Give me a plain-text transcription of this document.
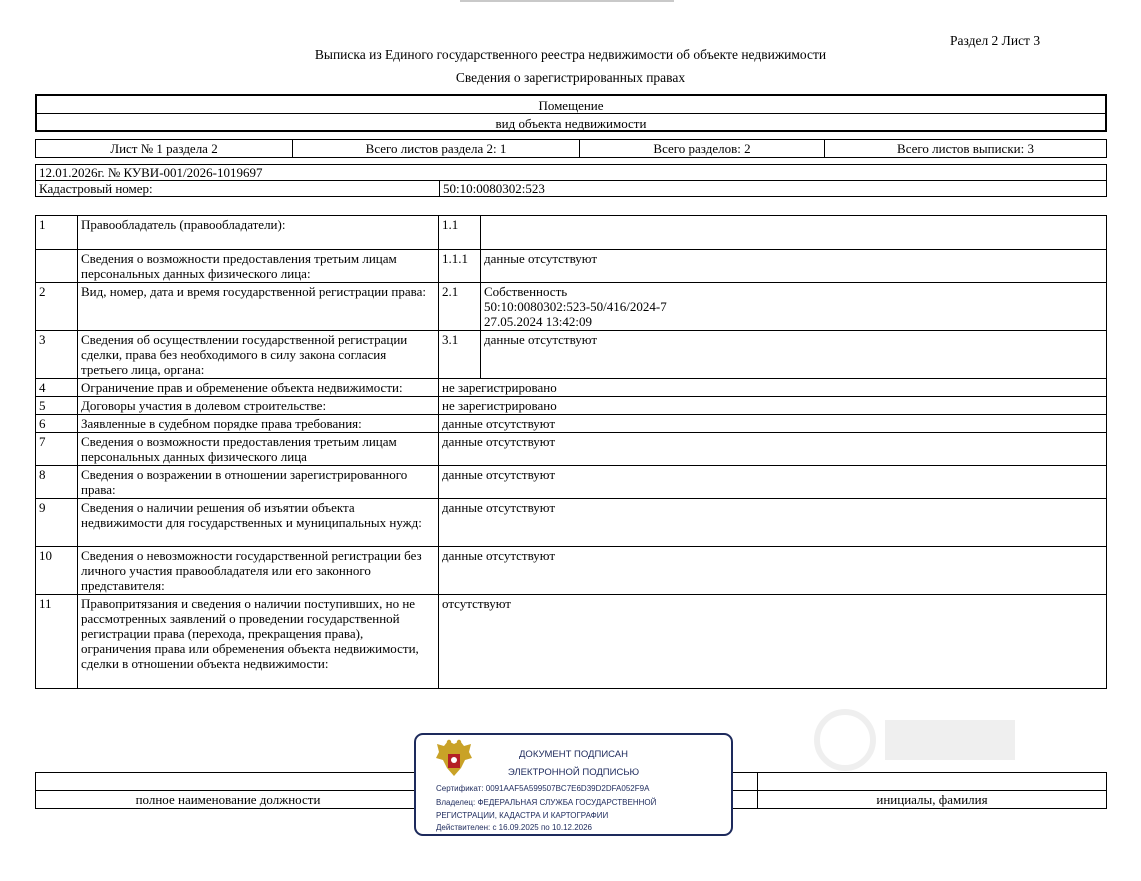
Раздел 2 Лист 3
Выписка из Единого государственного реестра недвижимости об объекте недвижимости
Сведения о зарегистрированных правах
Помещение
вид объекта недвижимости
Лист № 1 раздела 2	Всего листов раздела 2: 1	Всего разделов: 2	Всего листов выписки: 3
12.01.2026г. № КУВИ-001/2026-1019697
Кадастровый номер:	50:10:0080302:523
1	Правообладатель (правообладатели):	1.1	
	Сведения о возможности предоставления третьим лицам персональных данных физического лица:	1.1.1	данные отсутствуют
2	Вид, номер, дата и время государственной регистрации права:	2.1	Собственность
50:10:0080302:523-50/416/2024-7
27.05.2024 13:42:09

3	Сведения об осуществлении государственной регистрации сделки, права без необходимого в силу закона согласия третьего лица, органа:	3.1	данные отсутствуют
4	Ограничение прав и обременение объекта недвижимости:	не зарегистрировано	
5	Договоры участия в долевом строительстве:	не зарегистрировано	
6	Заявленные в судебном порядке права требования:	данные отсутствуют	
7	Сведения о возможности предоставления третьим лицам персональных данных физического лица	данные отсутствуют	
8	Сведения о возражении в отношении зарегистрированного права:	данные отсутствуют	
9	Сведения о наличии решения об изъятии объекта недвижимости для государственных и муниципальных нужд:	данные отсутствуют	
10	Сведения о невозможности государственной регистрации без личного участия правообладателя или его законного представителя:	данные отсутствуют	
11	Правопритязания и сведения о наличии поступивших, но не рассмотренных заявлений о проведении государственной регистрации права (перехода, прекращения права), ограничения права или обременения объекта недвижимости, сделки в отношении объекта недвижимости:	отсутствуют	

полное наименование должности		инициалы, фамилия
ДОКУМЕНТ ПОДПИСАН
ЭЛЕКТРОННОЙ ПОДПИСЬЮ
Сертификат: 0091AAF5A599507BC7E6D39D2DFA052F9A
Владелец: ФЕДЕРАЛЬНАЯ СЛУЖБА ГОСУДАРСТВЕННОЙ
РЕГИСТРАЦИИ, КАДАСТРА И КАРТОГРАФИИ
Действителен: с 16.09.2025 по 10.12.2026
